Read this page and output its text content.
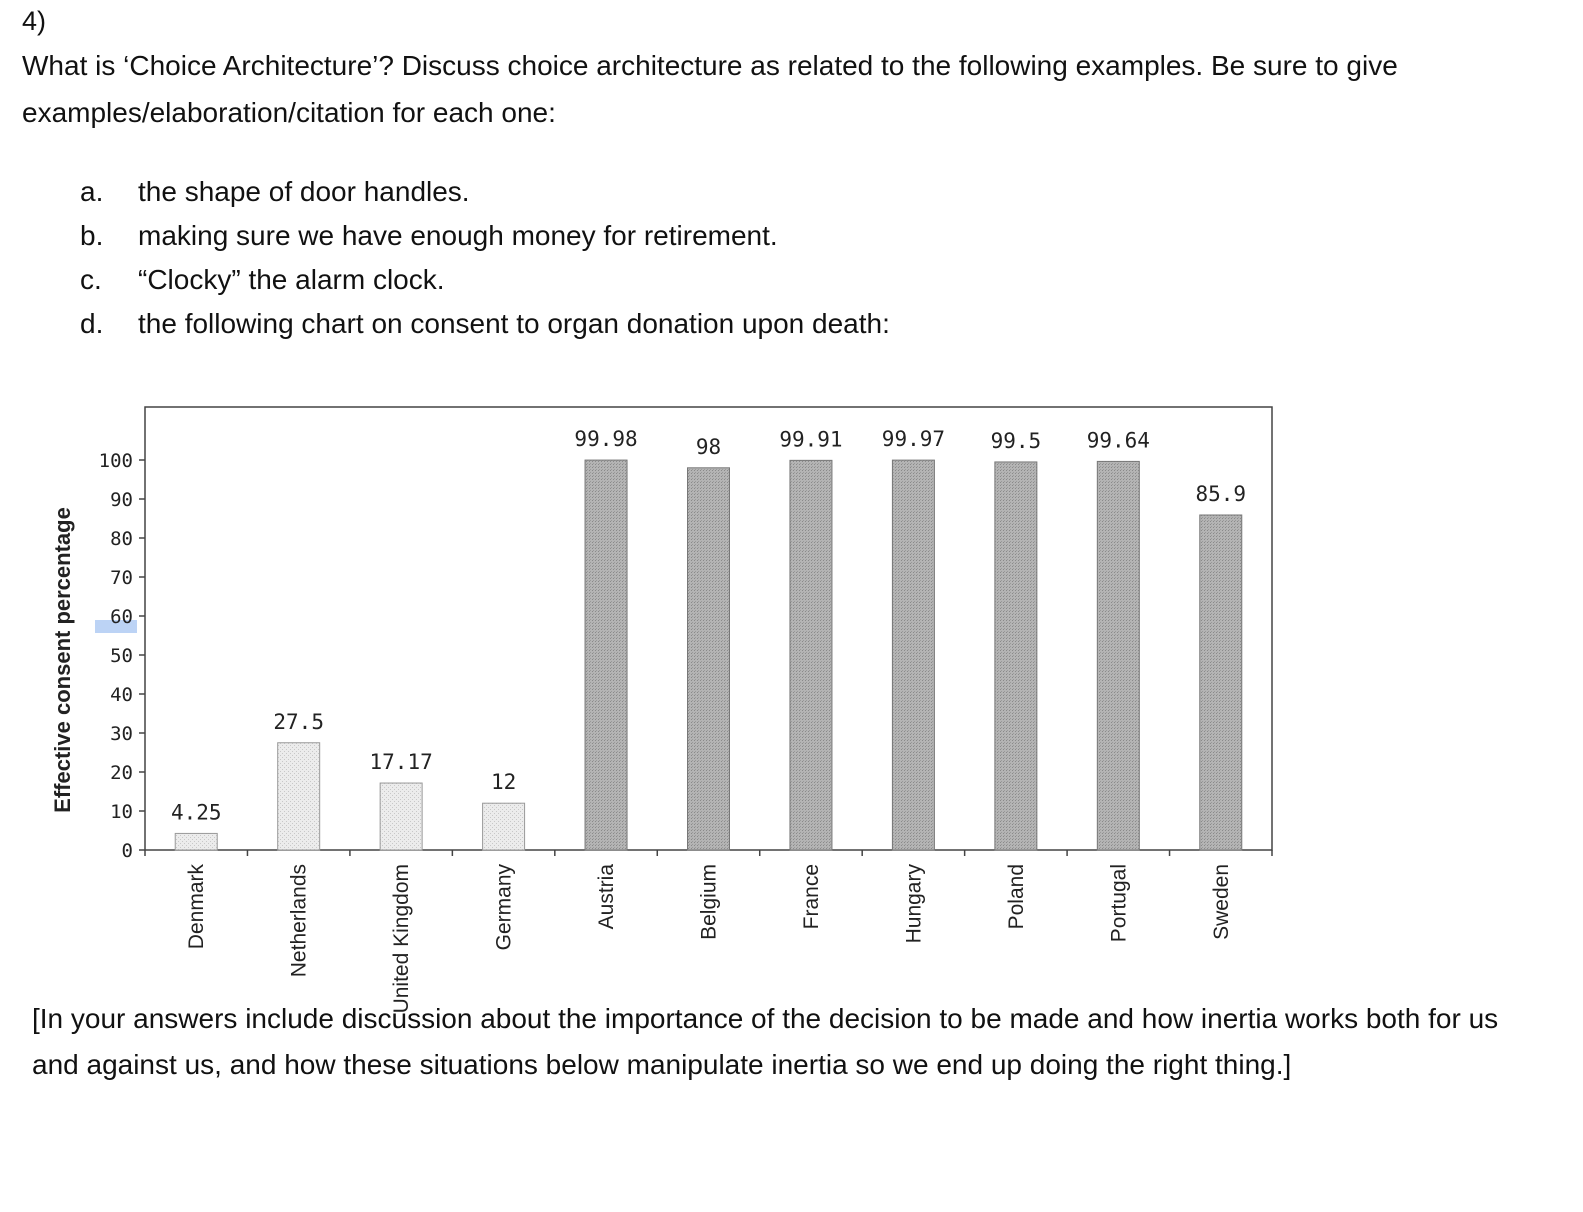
4)
What is ‘Choice Architecture’? Discuss choice architecture as related to the following examples. Be sure to give examples/elaboration/citation for each one:
a.	the shape of door handles.
b.	making sure we have enough money for retirement.
c.	“Clocky” the alarm clock.
d.	the following chart on consent to organ donation upon death:
0
10
20
30
40
50
60
70
80
90
100
Effective consent percentage	4.25
Denmark
27.5
Netherlands
17.17
United Kingdom
12
Germany
99.98
Austria
98
Belgium
99.91
France
99.97
Hungary
99.5
Poland
99.64
Portugal
85.9
Sweden
[In your answers include discussion about the importance of the decision to be made and how inertia works both for us and against us, and how these situations below manipulate inertia so we end up doing the right thing.]
